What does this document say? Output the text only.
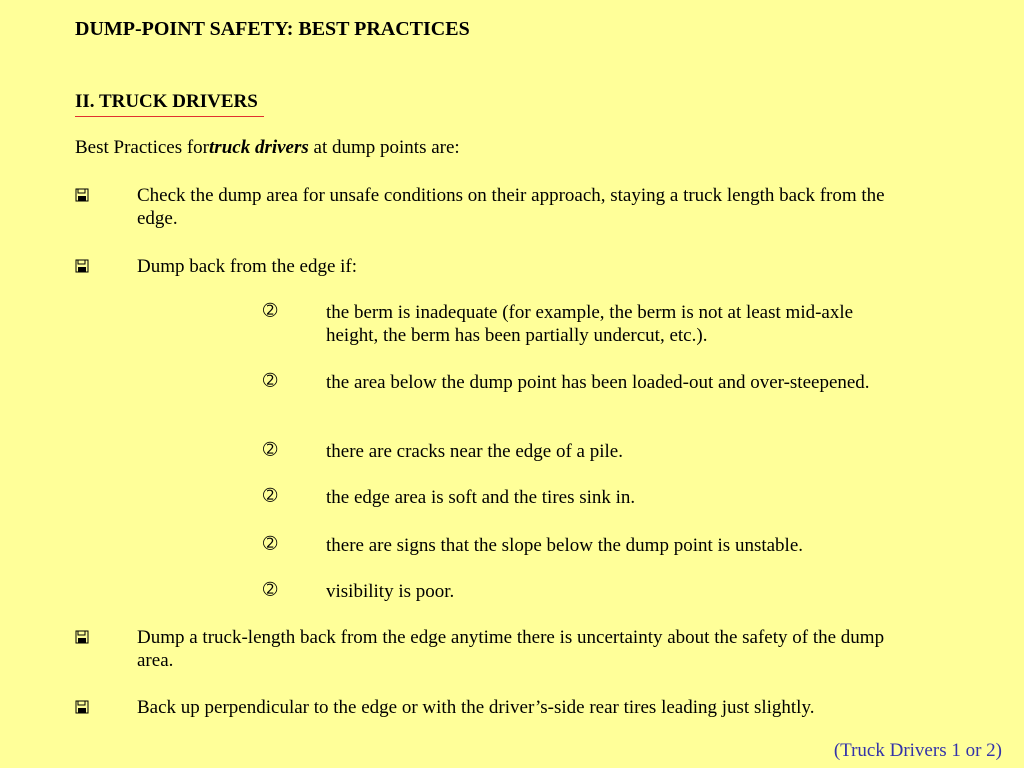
DUMP-POINT SAFETY: BEST PRACTICES
II. TRUCK DRIVERS
Best Practices fortruck drivers at dump points are:
Check the dump area for unsafe conditions on their approach, staying a truck length back from the edge.
Dump back from the edge if:
➁	the berm is inadequate (for example, the berm is not at least mid-axle height, the berm has been partially undercut, etc.).
➁	the area below the dump point has been loaded-out and over-steepened.
➁	there are cracks near the edge of a pile.
➁	the edge area is soft and the tires sink in.
➁	there are signs that the slope below the dump point is unstable.
➁	visibility is poor.
Dump a truck-length back from the edge anytime there is uncertainty about the safety of the dump area.
Back up perpendicular to the edge or with the driver’s-side rear tires leading just slightly.
(Truck Drivers 1 or 2)
